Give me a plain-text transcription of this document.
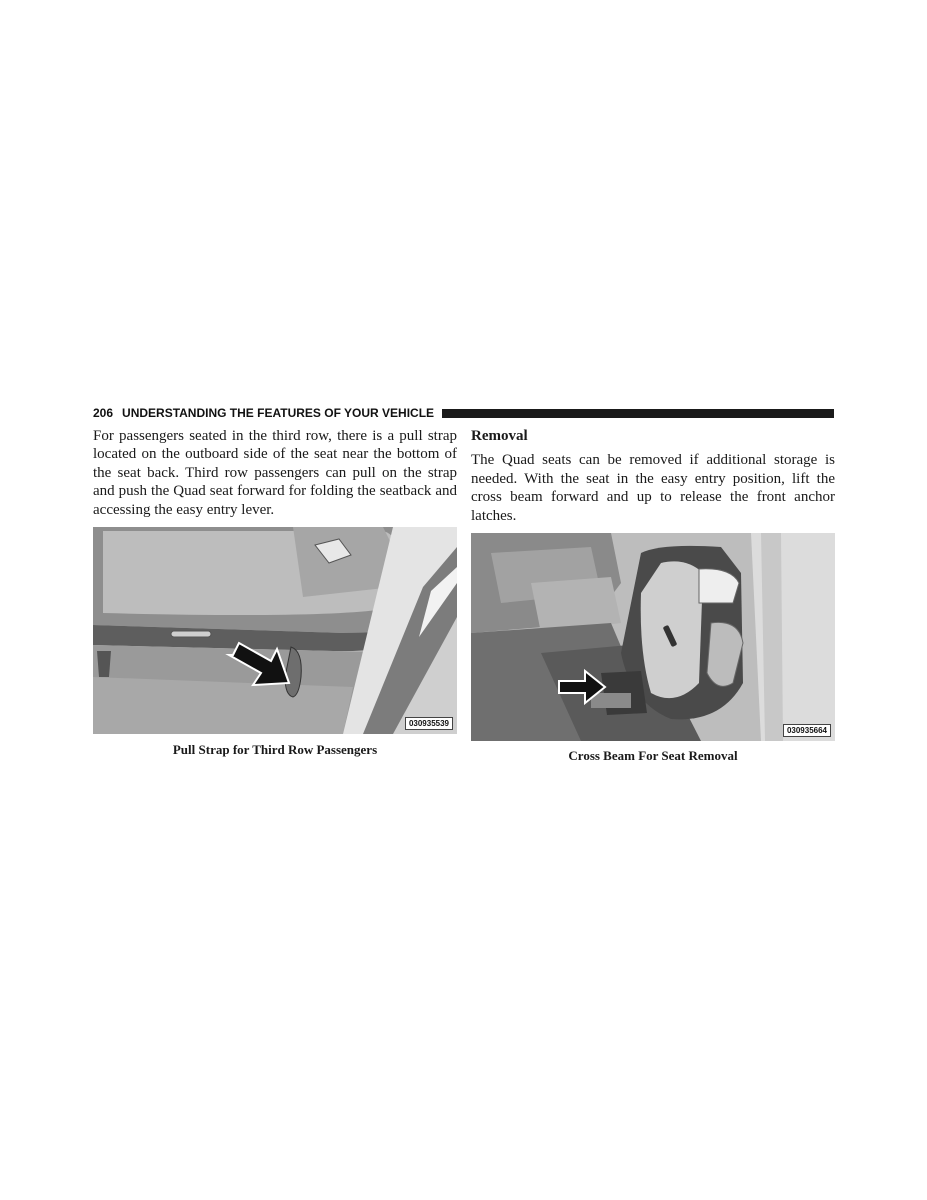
206 UNDERSTANDING THE FEATURES OF YOUR VEHICLE

For passengers seated in the third row, there is a pull strap located on the outboard side of the seat near the bottom of the seat back. Third row passengers can pull on the strap and push the Quad seat forward for folding the seatback and accessing the easy entry lever.

030935539
Pull Strap for Third Row Passengers

Removal

The Quad seats can be removed if additional storage is needed. With the seat in the easy entry position, lift the cross beam forward and up to release the front anchor latches.

030935664
Cross Beam For Seat Removal
